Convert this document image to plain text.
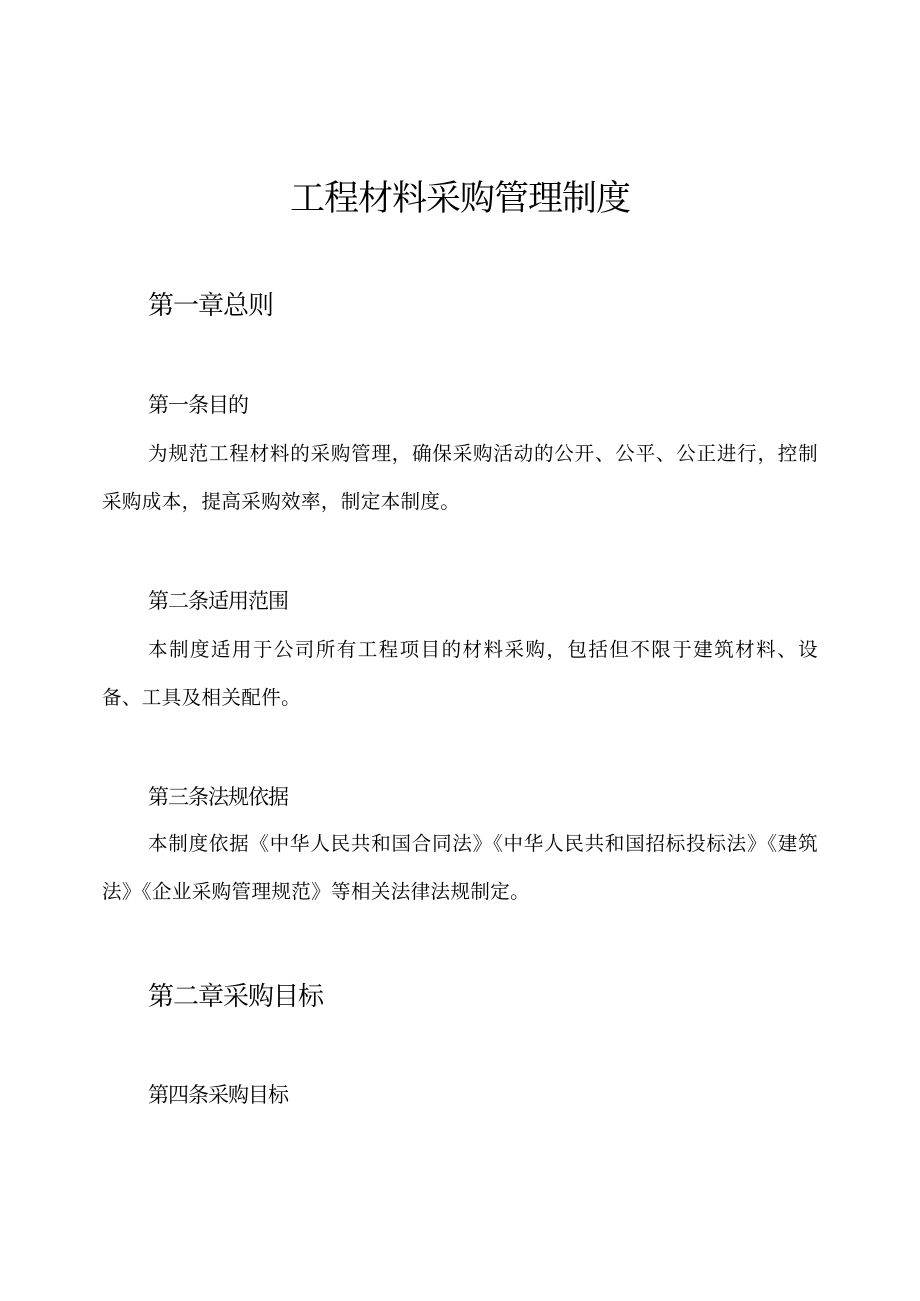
工程材料采购管理制度
第一章总则
第一条目的

为规范工程材料的采购管理，确保采购活动的公开、公平、公正进行，控制采购成本，提高采购效率，制定本制度。

第二条适用范围

本制度适用于公司所有工程项目的材料采购，包括但不限于建筑材料、设备、工具及相关配件。

第三条法规依据

本制度依据《中华人民共和国合同法》《中华人民共和国招标投标法》《建筑法》《企业采购管理规范》等相关法律法规制定。

第二章采购目标
第四条采购目标
